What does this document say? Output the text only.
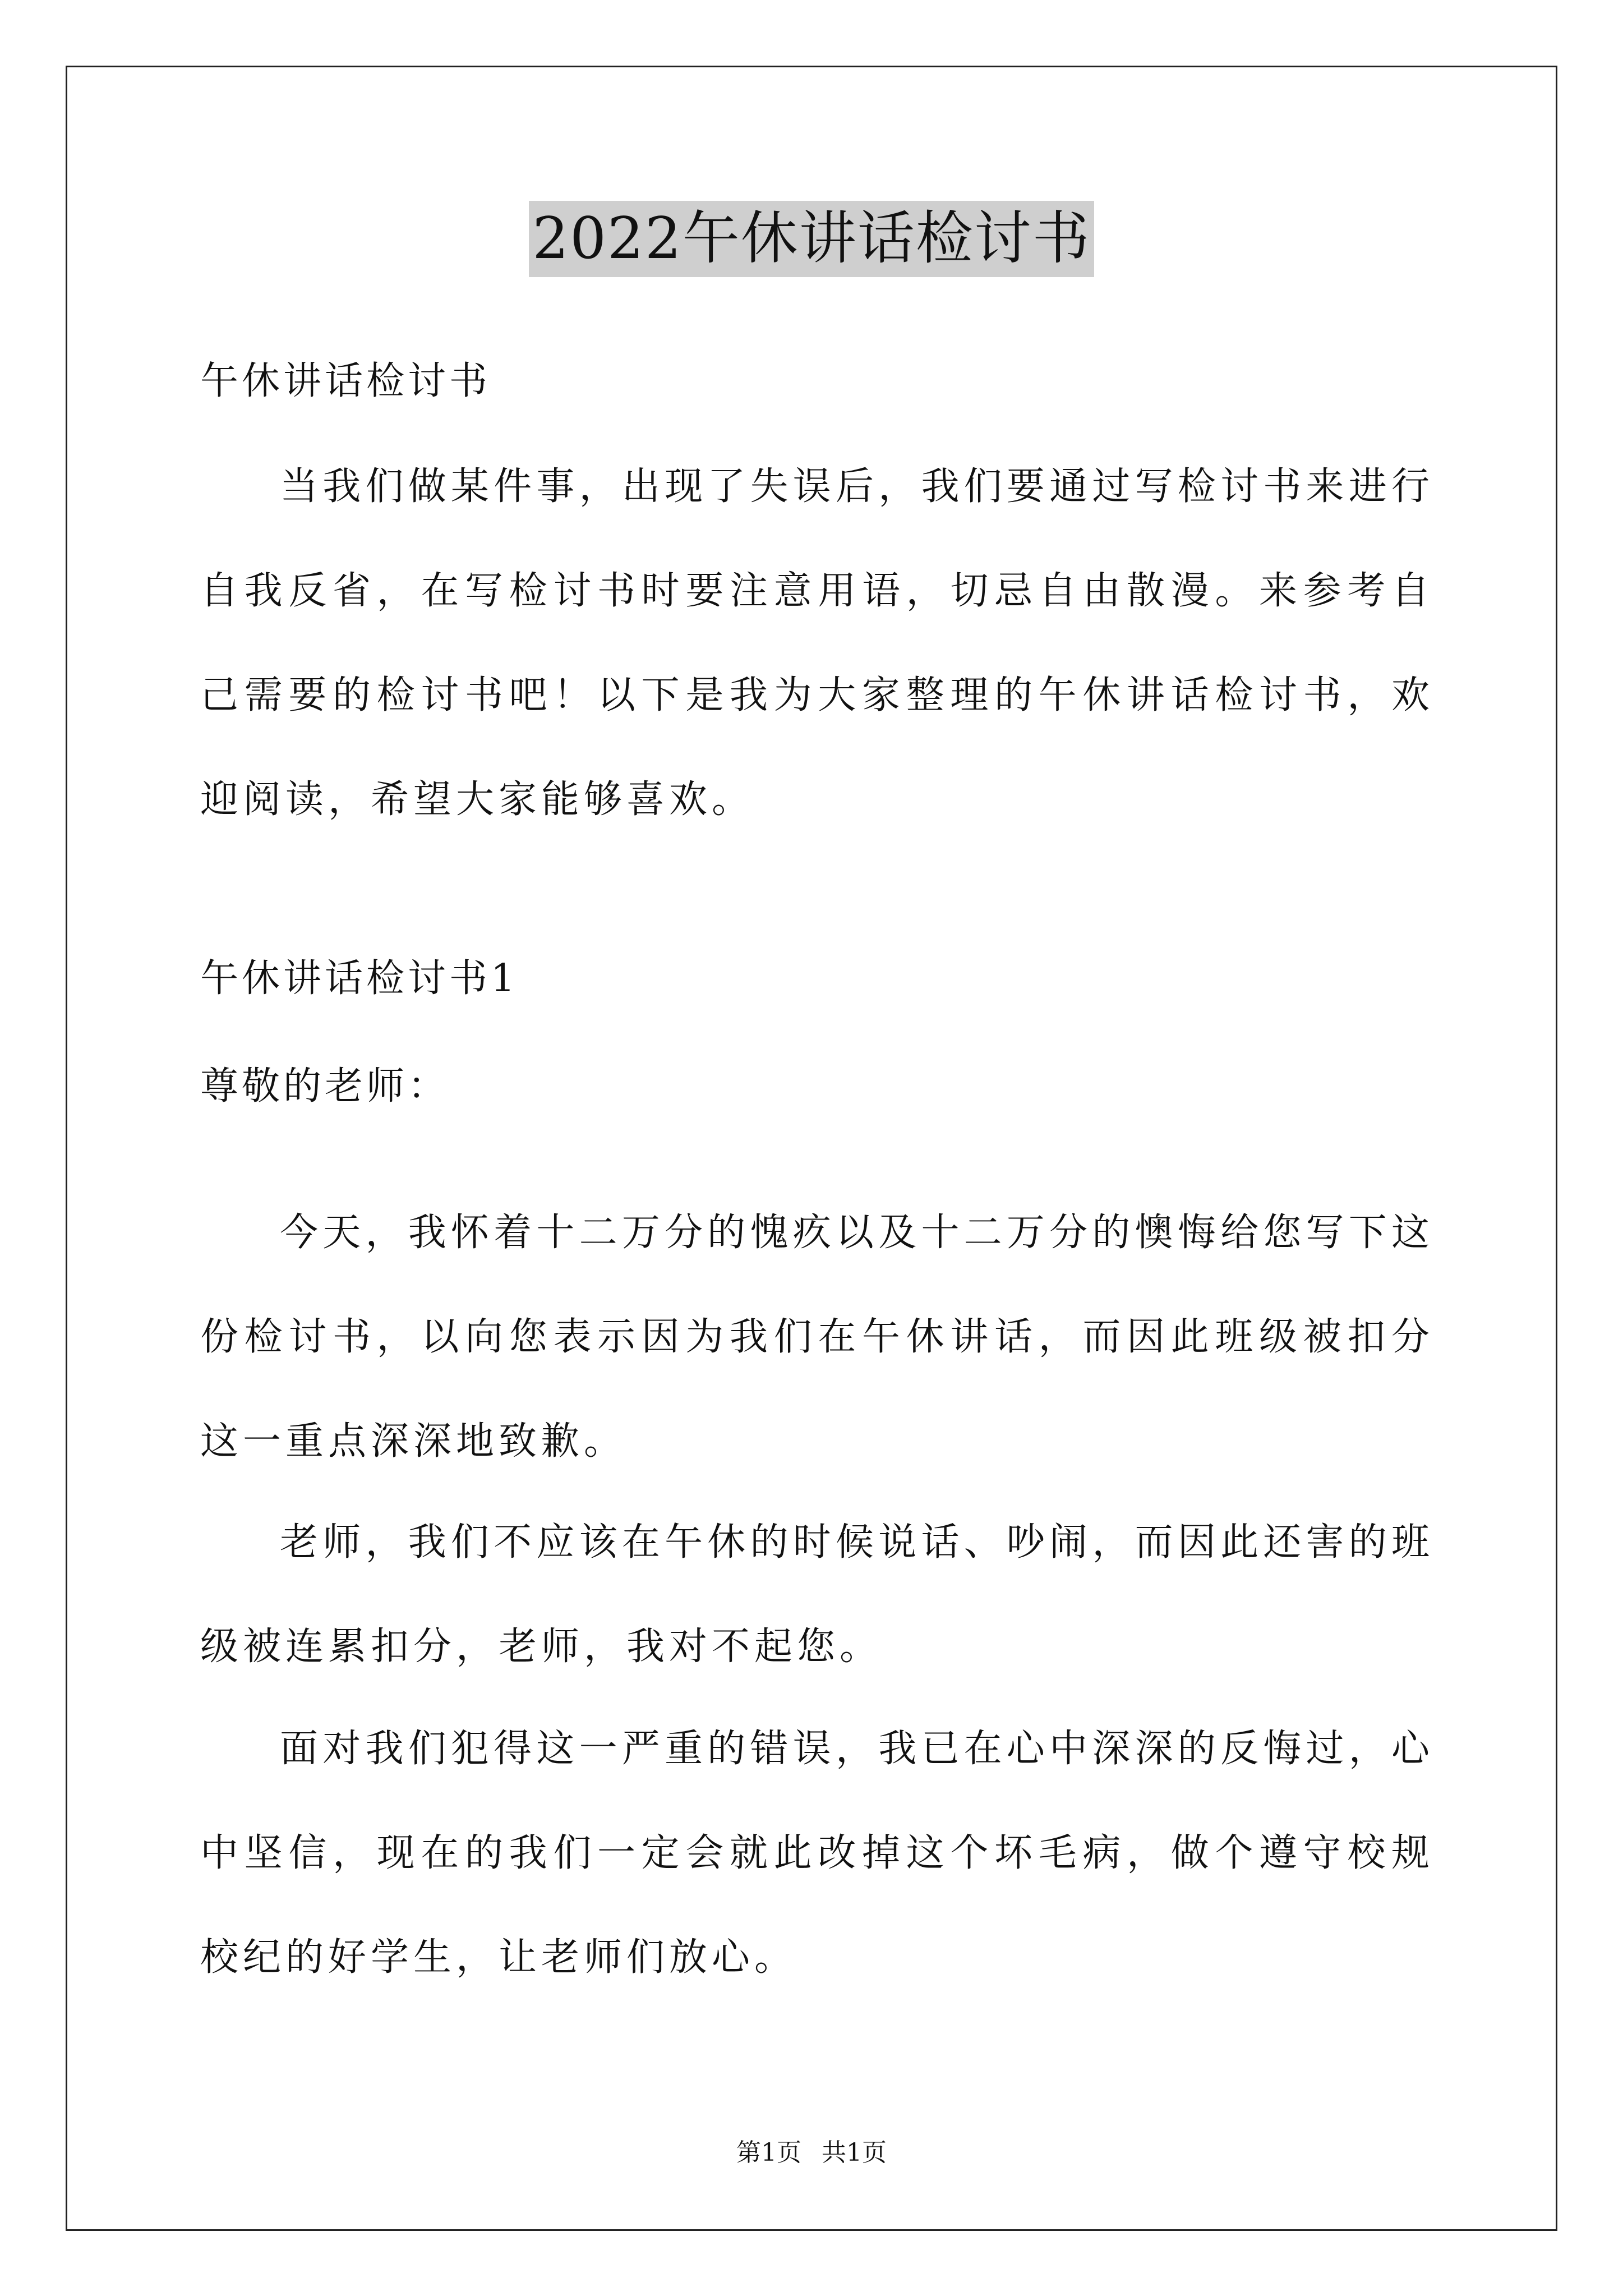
2022午休讲话检讨书
午休讲话检讨书

当我们做某件事，出现了失误后，我们要通过写检讨书来进行自我反省，在写检讨书时要注意用语，切忌自由散漫。来参考自己需要的检讨书吧！以下是我为大家整理的午休讲话检讨书，欢迎阅读，希望大家能够喜欢。

午休讲话检讨书1
尊敬的老师：

今天，我怀着十二万分的愧疚以及十二万分的懊悔给您写下这份检讨书，以向您表示因为我们在午休讲话，而因此班级被扣分这一重点深深地致歉。

老师，我们不应该在午休的时候说话、吵闹，而因此还害的班级被连累扣分，老师，我对不起您。

面对我们犯得这一严重的错误，我已在心中深深的反悔过，心中坚信，现在的我们一定会就此改掉这个坏毛病，做个遵守校规校纪的好学生，让老师们放心。

第1页 共1页
